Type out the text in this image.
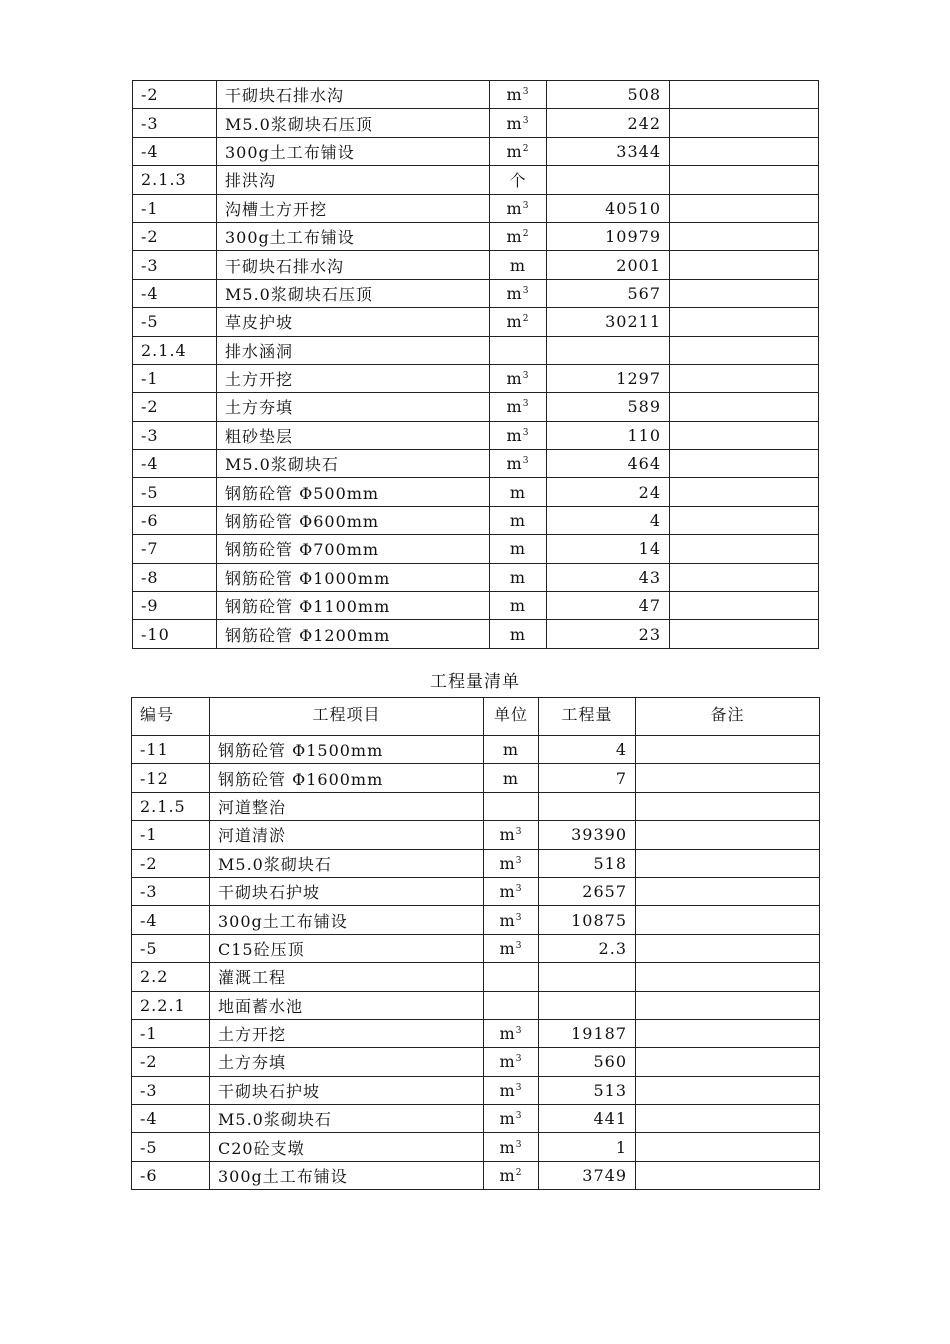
-2	干砌块石排水沟	$m^3$	508	
-3	M5.0浆砌块石压顶	$m^3$	242	
-4	300g土工布铺设	$m^2$	3344	
2.1.3	排洪沟	个		
-1	沟槽土方开挖	$m^3$	40510	
-2	300g土工布铺设	$m^2$	10979	
-3	干砌块石排水沟	m	2001	
-4	M5.0浆砌块石压顶	$m^3$	567	
-5	草皮护坡	$m^2$	30211	
2.1.4	排水涵洞			
-1	土方开挖	$m^3$	1297	
-2	土方夯填	$m^3$	589	
-3	粗砂垫层	$m^3$	110	
-4	M5.0浆砌块石	$m^3$	464	
-5	钢筋砼管 Φ500mm	m	24	
-6	钢筋砼管 Φ600mm	m	4	
-7	钢筋砼管 Φ700mm	m	14	
-8	钢筋砼管 Φ1000mm	m	43	
-9	钢筋砼管 Φ1100mm	m	47	
-10	钢筋砼管 Φ1200mm	m	23	
工程量清单
编号	工程项目	单位	工程量	备注
-11	钢筋砼管 Φ1500mm	m	4	
-12	钢筋砼管 Φ1600mm	m	7	
2.1.5	河道整治			
-1	河道清淤	$m^3$	39390	
-2	M5.0浆砌块石	$m^3$	518	
-3	干砌块石护坡	$m^3$	2657	
-4	300g土工布铺设	$m^3$	10875	
-5	C15砼压顶	$m^3$	2.3	
2.2	灌溉工程			
2.2.1	地面蓄水池			
-1	土方开挖	$m^3$	19187	
-2	土方夯填	$m^3$	560	
-3	干砌块石护坡	$m^3$	513	
-4	M5.0浆砌块石	$m^3$	441	
-5	C20砼支墩	$m^3$	1	
-6	300g土工布铺设	$m^2$	3749	
